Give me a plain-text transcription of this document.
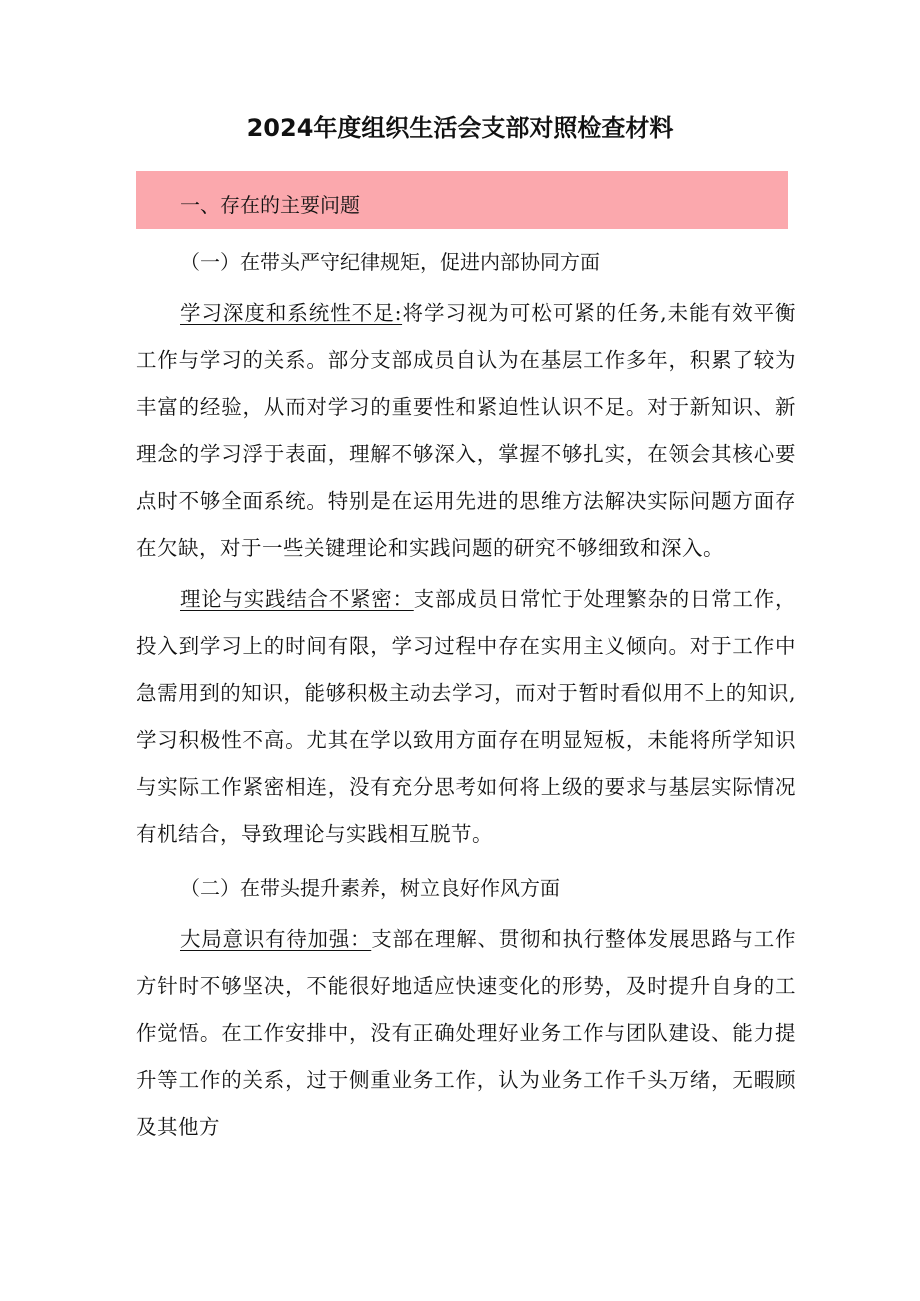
2024年度组织生活会支部对照检查材料
一、存在的主要问题
（一）在带头严守纪律规矩，促进内部协同方面

学习深度和系统性不足:将学习视为可松可紧的任务,未能有效平衡工作与学习的关系。部分支部成员自认为在基层工作多年，积累了较为丰富的经验，从而对学习的重要性和紧迫性认识不足。对于新知识、新理念的学习浮于表面，理解不够深入，掌握不够扎实，在领会其核心要点时不够全面系统。特别是在运用先进的思维方法解决实际问题方面存在欠缺，对于一些关键理论和实践问题的研究不够细致和深入。

理论与实践结合不紧密：支部成员日常忙于处理繁杂的日常工作，投入到学习上的时间有限，学习过程中存在实用主义倾向。对于工作中急需用到的知识，能够积极主动去学习，而对于暂时看似用不上的知识,学习积极性不高。尤其在学以致用方面存在明显短板，未能将所学知识与实际工作紧密相连，没有充分思考如何将上级的要求与基层实际情况有机结合，导致理论与实践相互脱节。

（二）在带头提升素养，树立良好作风方面

大局意识有待加强：支部在理解、贯彻和执行整体发展思路与工作方针时不够坚决，不能很好地适应快速变化的形势，及时提升自身的工作觉悟。在工作安排中，没有正确处理好业务工作与团队建设、能力提升等工作的关系，过于侧重业务工作，认为业务工作千头万绪，无暇顾及其他方
